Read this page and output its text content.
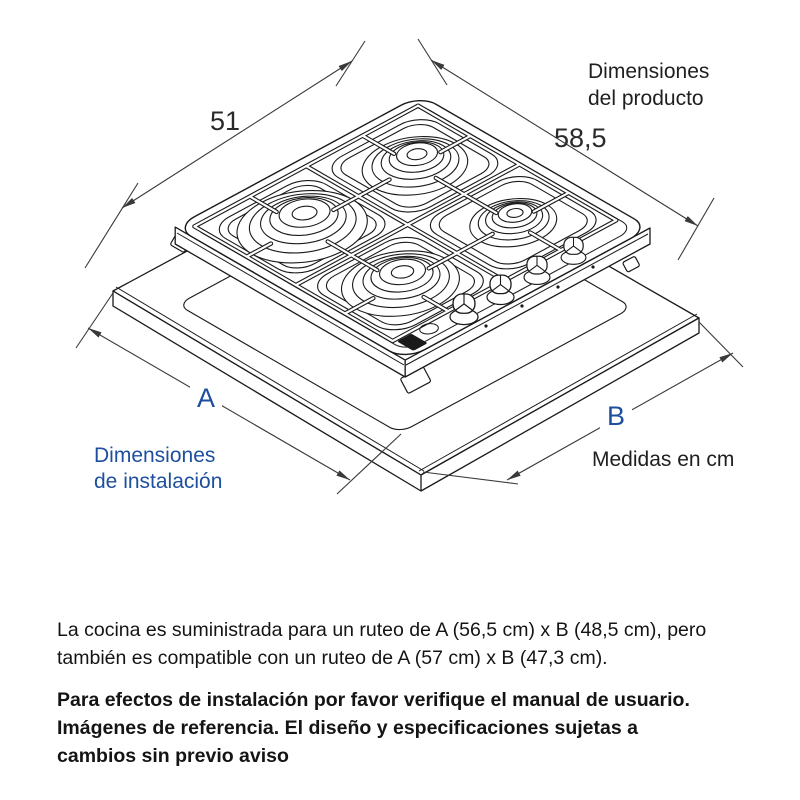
Dimensiones
del producto
51
58,5
A
B
Dimensiones
de instalación
Medidas en cm
La cocina es suministrada para un ruteo de A (56,5 cm) x B (48,5 cm), pero
también es compatible con un ruteo de A (57 cm) x B (47,3 cm).
Para efectos de instalación por favor verifique el manual de usuario.
Imágenes de referencia. El diseño y especificaciones sujetas a
cambios sin previo aviso
